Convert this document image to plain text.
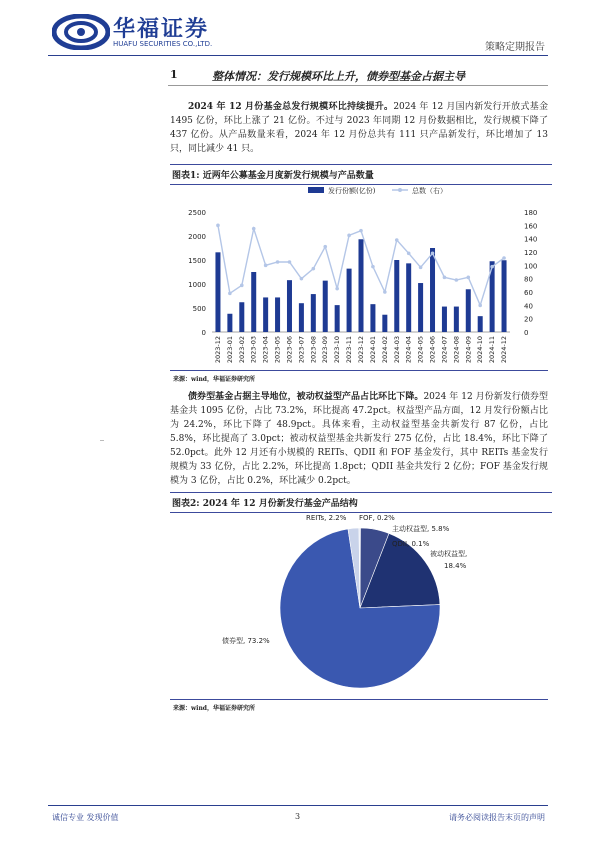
华福证券
HUAFU SECURITIES CO.,LTD.	策略定期报告
1	整体情况：发行规模环比上升，债券型基金占据主导
2024 年 12 月份基金总发行规模环比持续提升。2024 年 12 月国内新发行开放式基金 1495 亿份，环比上涨了 21 亿份。不过与 2023 年同期 12 月份数据相比，发行规模下降了 437 亿份。从产品数量来看，2024 年 12 月份总共有 111 只产品新发行，环比增加了 13 只，同比减少 41 只。
图表1: 近两年公募基金月度新发行规模与产品数量
发行份额(亿份)	总数（右）
0
500
1000
1500
2000
2500
0
20
40
60
80
100
120
140
160
180
2023-12 2023-01 2023-02 2023-03 2023-04 2023-05 2023-06 2023-07 2023-08 2023-09 2023-10 2023-11 2023-12 2024-01 2024-02 2024-03 2024-04 2024-05 2024-06 2024-07 2024-08 2024-09 2024-10 2024-11 2024-12
来源：wind，华福证券研究所
债券型基金占据主导地位，被动权益型产品占比环比下降。2024 年 12 月份新发行债券型基金共 1095 亿份，占比 73.2%，环比提高 47.2pct。权益型产品方面，12 月发行份额占比为 24.2%，环比下降了 48.9pct。具体来看，主动权益型基金共新发行 87 亿份，占比 5.8%，环比提高了 3.0pct；被动权益型基金共新发行 275 亿份，占比 18.4%，环比下降了 52.0pct。此外 12 月还有小规模的 REITs、QDII 和 FOF 基金发行，其中 REITs 基金发行规模为 33 亿份，占比 2.2%，环比提高 1.8pct；QDII 基金共发行 2 亿份；FOF 基金发行规模为 3 亿份，占比 0.2%，环比减少 0.2pct。
图表2: 2024 年 12 月份新发行基金产品结构
QDII, 0.1%
主动权益型, 5.8%
被动权益型,
18.4%
债券型, 73.2%
REITs, 2.2% FOF, 0.2%
来源：wind，华福证券研究所
诚信专业 发现价值	3	请务必阅读报告末页的声明
